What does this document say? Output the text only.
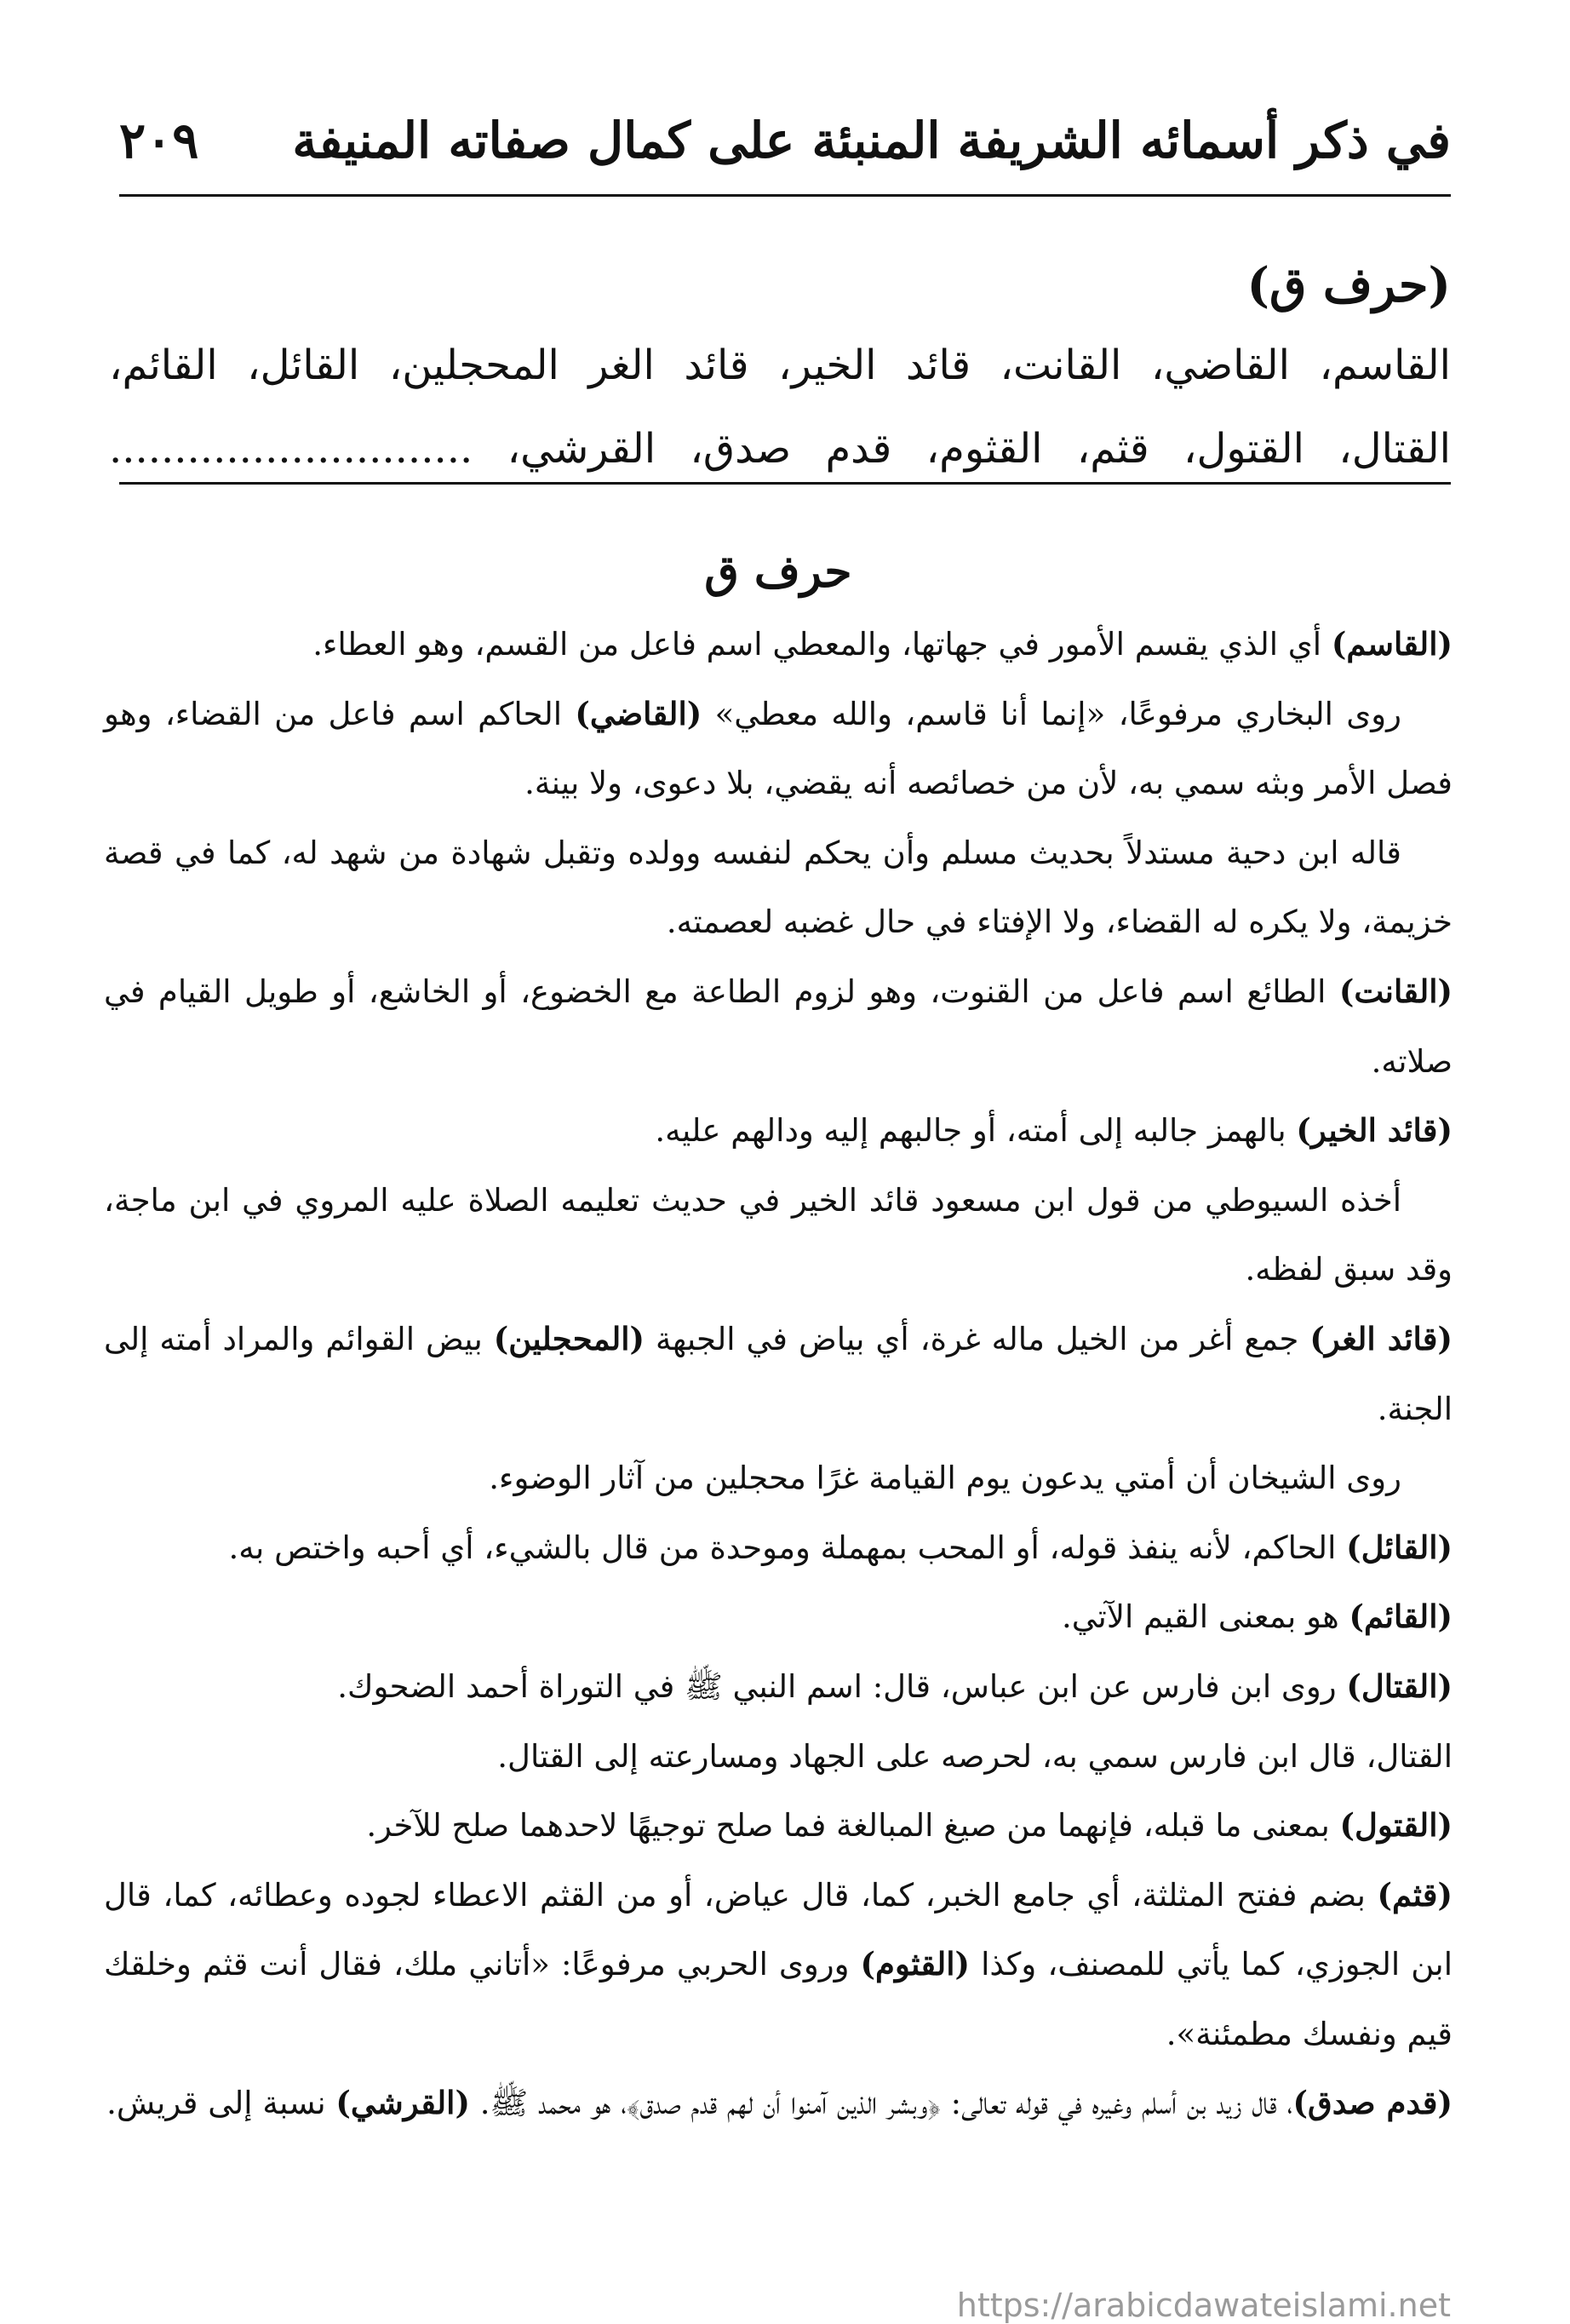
في ذكر أسمائه الشريفة المنبئة على كمال صفاته المنيفة
٢٠٩
(حرف ق)
القاسم، القاضي، القانت، قائد الخير، قائد الغر المحجلين، القائل، القائم،
القتال، القتول، قثم، القثوم، قدم صدق، القرشي، ............................
حرف ق

(القاسم) أي الذي يقسم الأمور في جهاتها، والمعطي اسم فاعل من القسم، وهو العطاء.

روى البخاري مرفوعًا، «إنما أنا قاسم، والله معطي» (القاضي) الحاكم اسم فاعل من القضاء، وهو فصل الأمر وبثه سمي به، لأن من خصائصه أنه يقضي، بلا دعوى، ولا بينة.

قاله ابن دحية مستدلاً بحديث مسلم وأن يحكم لنفسه وولده وتقبل شهادة من شهد له، كما في قصة خزيمة، ولا يكره له القضاء، ولا الإفتاء في حال غضبه لعصمته.

(القانت) الطائع اسم فاعل من القنوت، وهو لزوم الطاعة مع الخضوع، أو الخاشع، أو طويل القيام في صلاته.

(قائد الخير) بالهمز جالبه إلى أمته، أو جالبهم إليه ودالهم عليه.

أخذه السيوطي من قول ابن مسعود قائد الخير في حديث تعليمه الصلاة عليه المروي في ابن ماجة، وقد سبق لفظه.

(قائد الغر) جمع أغر من الخيل ماله غرة، أي بياض في الجبهة (المحجلين) بيض القوائم والمراد أمته إلى الجنة.

روى الشيخان أن أمتي يدعون يوم القيامة غرًا محجلين من آثار الوضوء.

(القائل) الحاكم، لأنه ينفذ قوله، أو المحب بمهملة وموحدة من قال بالشيء، أي أحبه واختص به.

(القائم) هو بمعنى القيم الآتي.

(القتال) روى ابن فارس عن ابن عباس، قال: اسم النبي ﷺ في التوراة أحمد الضحوك.

القتال، قال ابن فارس سمي به، لحرصه على الجهاد ومسارعته إلى القتال.

(القتول) بمعنى ما قبله، فإنهما من صيغ المبالغة فما صلح توجيهًا لاحدهما صلح للآخر.

(قثم) بضم ففتح المثلثة، أي جامع الخبر، كما، قال عياض، أو من القثم الاعطاء لجوده وعطائه، كما، قال ابن الجوزي، كما يأتي للمصنف، وكذا (القثوم) وروى الحربي مرفوعًا: «أتاني ملك، فقال أنت قثم وخلقك قيم ونفسك مطمئنة».

(قدم صدق)، قال زيد بن أسلم وغيره في قوله تعالى: ﴿وبشر الذين آمنوا أن لهم قدم صدق﴾، هو محمد ﷺ. (القرشي) نسبة إلى قريش.

https://arabicdawateislami.net
